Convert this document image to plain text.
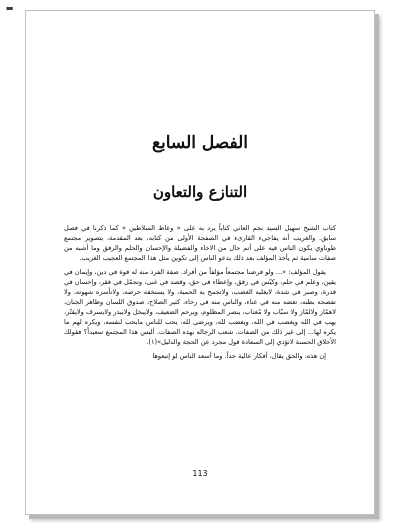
▪▪
الفصل السابع
التنازع والتعاون

كتاب الشيخ سهيل السيد نجم العاني كتاباً يرد به على « وعاظ السلاطين » كما ذكرنا في فصل سابق. والغريب أنه يفاجيء القارىء في الصفحة الأولى من كتابه، بعد المقدمة، بتصوير مجتمع طوباوي يكون الناس فيه على أتم حال من الاخاء والفضيلة والإحسان والحلم والرفق وما أشبه من صفات سامية ثم يأخذ المؤلف بعد ذلك يدعو الناس إلى تكوين مثل هذا المجتمع العجيب الغريب.

يقول المؤلف: «... ولو فرضنا مجتمعاً مؤلفاً من أفراد. صفة الفرد منه له قوة في دين، وإيمان في يقين، وعلم في حلم، وكيّس في رفق، وإعطاء في حق، وقصد في غنى، وتجمّل في فقر، وإحسان في قدرة، وصبر في شدة، لايغلبه الغضب، ولاتجمح به الحمية، ولا يستخفه حرصه، ولاتأسره شهوته، ولا تفضحه بطنه، تغضه منه في عناء، والناس منه في رخاء، كثير الصلاح، صدوق اللسان وظاهر الجنان، لاهمّاز ولالمّاز ولا سبّاب ولا مُغتاب، ينصر المظلوم، ويرحم الضعيف، ولايبخل ولايبذر ولايسرف ولايقتّر، يهب في الله ويغضب في الله، ويغضب لله، ويرضى لله، يحب للناس مايحب لنفسه، ويكره لهم ما يكره لها... إلى غير ذلك من الصفات. شعب الرجاله بهذه الصفات. أليس هذا المجتمع سعيداً؟ فقولك الأخلاق الحسنة لاتؤدي إلى السعادة قول مجرد عن الحجة والدليل»(١).

إن هذه، والحق يقال، أفكار عالية جداً. وما أسعد الناس لو إتبعوها

113
